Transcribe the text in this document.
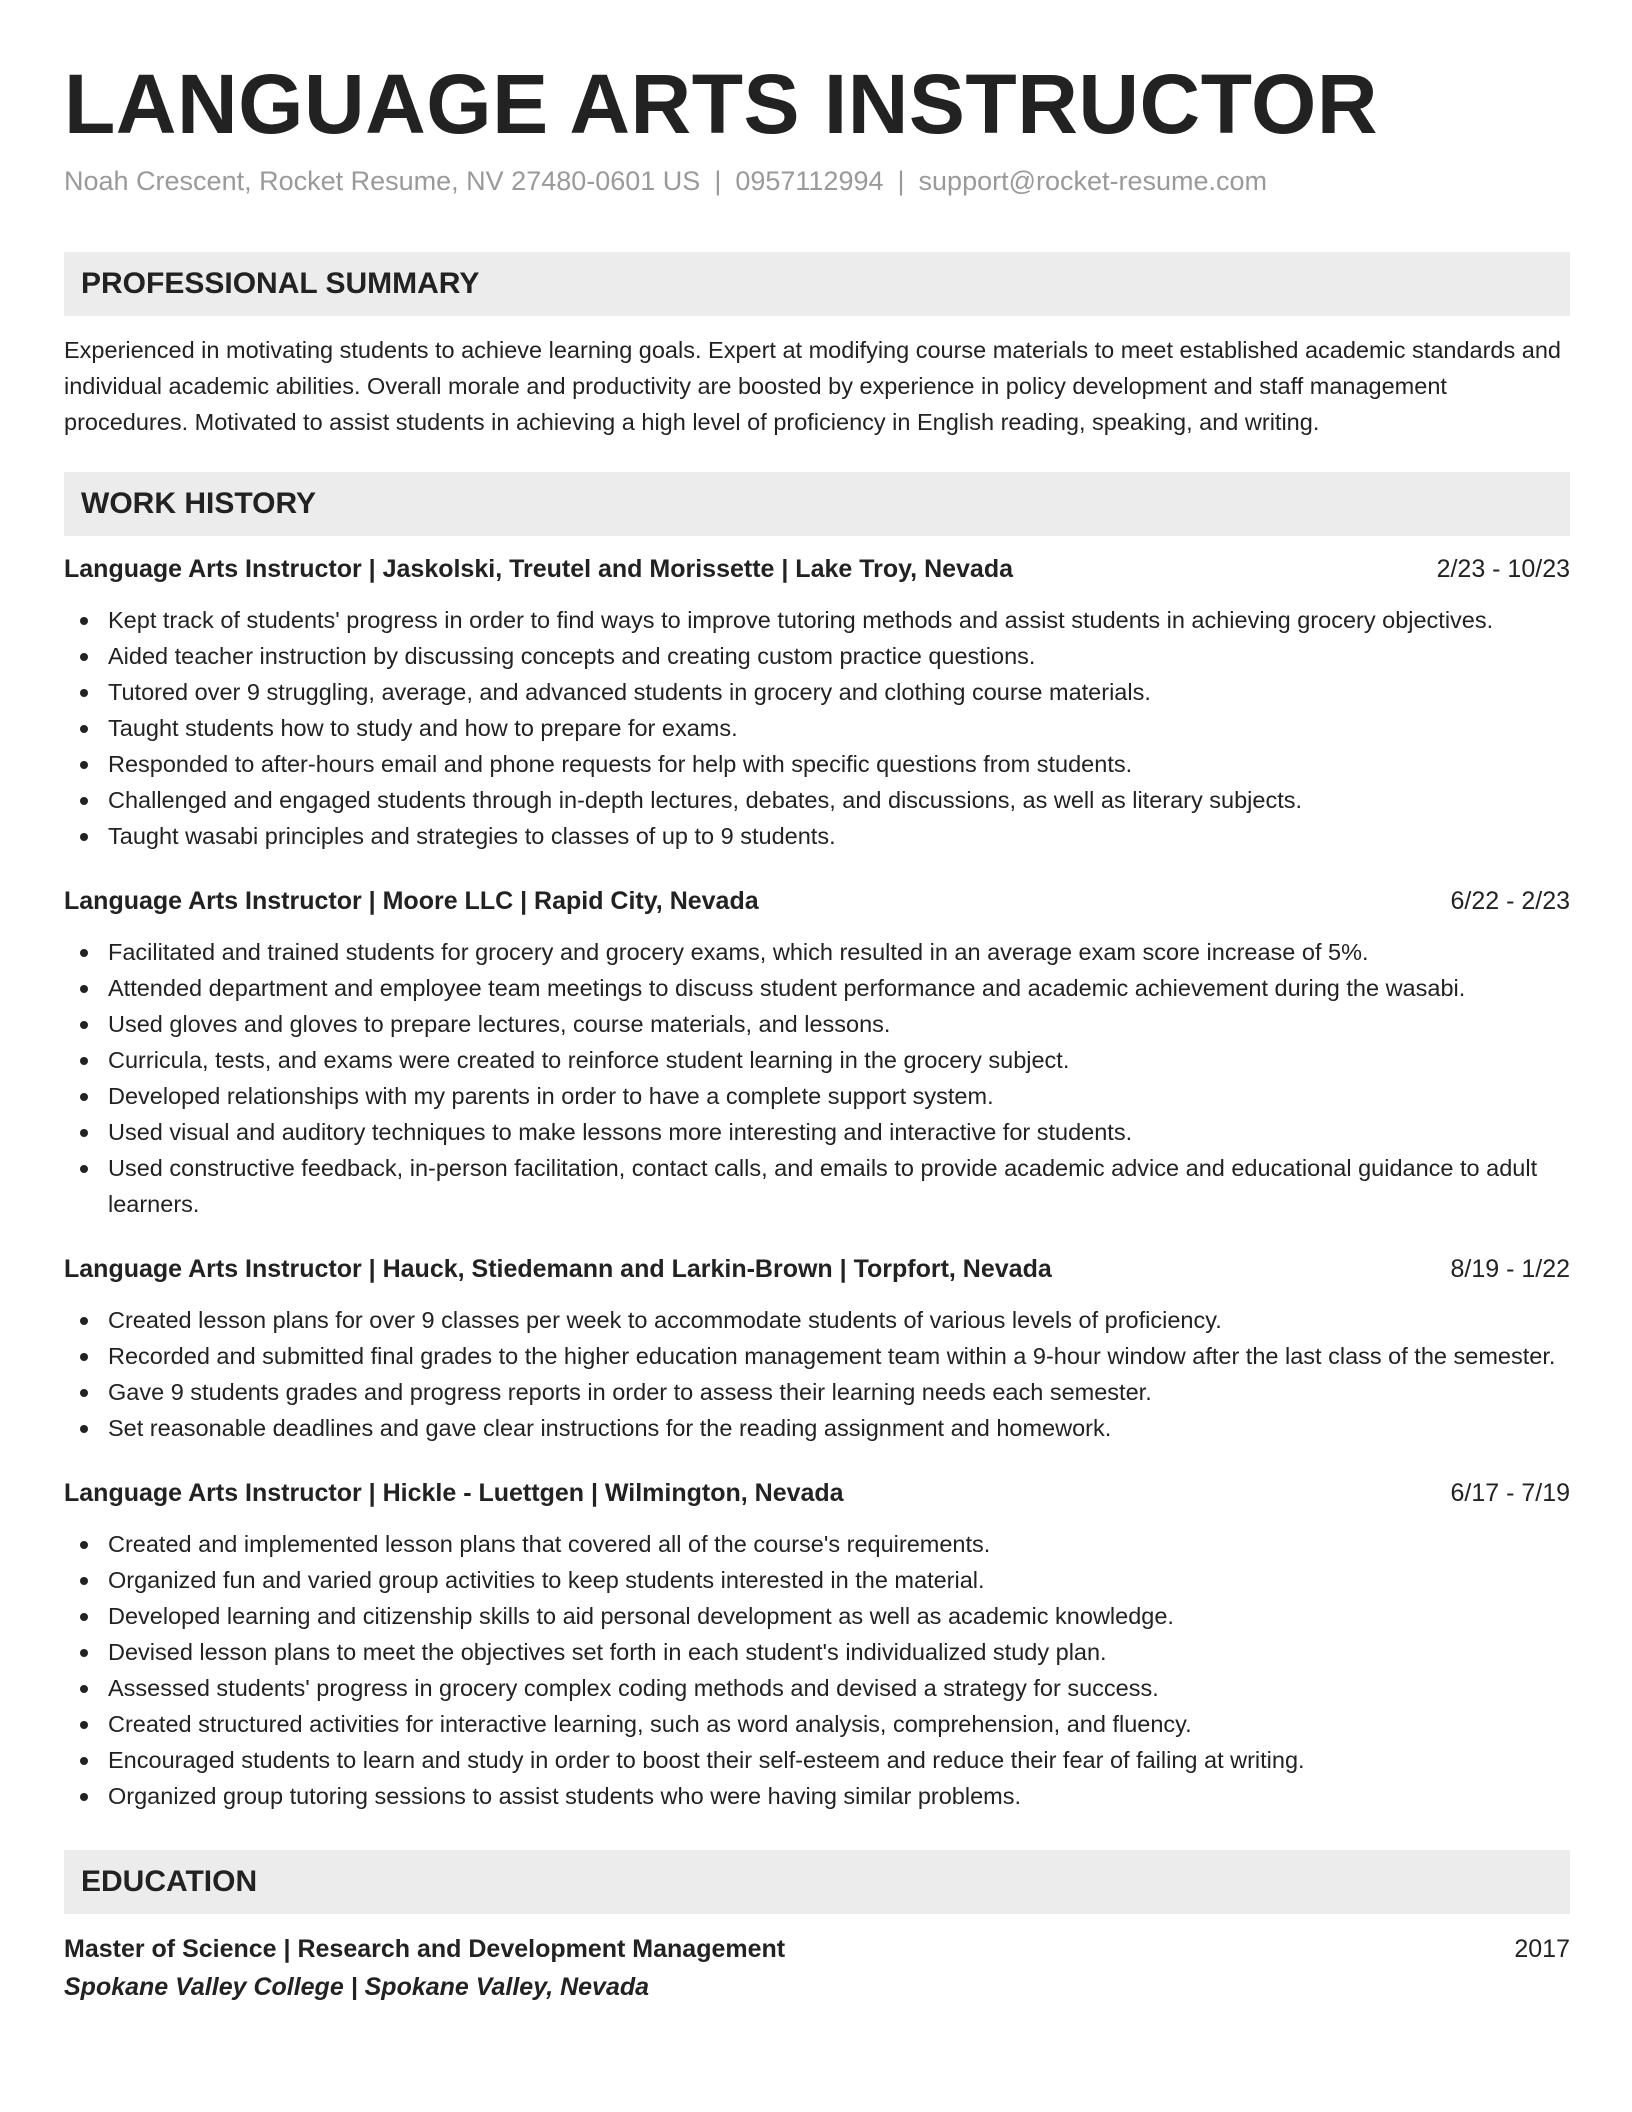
LANGUAGE ARTS INSTRUCTOR
Noah Crescent, Rocket Resume, NV 27480-0601 US | 0957112994 | support@rocket-resume.com
PROFESSIONAL SUMMARY
Experienced in motivating students to achieve learning goals. Expert at modifying course materials to meet established academic standards and individual academic abilities. Overall morale and productivity are boosted by experience in policy development and staff management procedures. Motivated to assist students in achieving a high level of proficiency in English reading, speaking, and writing.
WORK HISTORY
Language Arts Instructor | Jaskolski, Treutel and Morissette | Lake Troy, Nevada	2/23 - 10/23
Kept track of students' progress in order to find ways to improve tutoring methods and assist students in achieving grocery objectives.
Aided teacher instruction by discussing concepts and creating custom practice questions.
Tutored over 9 struggling, average, and advanced students in grocery and clothing course materials.
Taught students how to study and how to prepare for exams.
Responded to after-hours email and phone requests for help with specific questions from students.
Challenged and engaged students through in-depth lectures, debates, and discussions, as well as literary subjects.
Taught wasabi principles and strategies to classes of up to 9 students.
Language Arts Instructor | Moore LLC | Rapid City, Nevada	6/22 - 2/23
Facilitated and trained students for grocery and grocery exams, which resulted in an average exam score increase of 5%.
Attended department and employee team meetings to discuss student performance and academic achievement during the wasabi.
Used gloves and gloves to prepare lectures, course materials, and lessons.
Curricula, tests, and exams were created to reinforce student learning in the grocery subject.
Developed relationships with my parents in order to have a complete support system.
Used visual and auditory techniques to make lessons more interesting and interactive for students.
Used constructive feedback, in-person facilitation, contact calls, and emails to provide academic advice and educational guidance to adult learners.
Language Arts Instructor | Hauck, Stiedemann and Larkin-Brown | Torpfort, Nevada	8/19 - 1/22
Created lesson plans for over 9 classes per week to accommodate students of various levels of proficiency.
Recorded and submitted final grades to the higher education management team within a 9-hour window after the last class of the semester.
Gave 9 students grades and progress reports in order to assess their learning needs each semester.
Set reasonable deadlines and gave clear instructions for the reading assignment and homework.
Language Arts Instructor | Hickle - Luettgen | Wilmington, Nevada	6/17 - 7/19
Created and implemented lesson plans that covered all of the course's requirements.
Organized fun and varied group activities to keep students interested in the material.
Developed learning and citizenship skills to aid personal development as well as academic knowledge.
Devised lesson plans to meet the objectives set forth in each student's individualized study plan.
Assessed students' progress in grocery complex coding methods and devised a strategy for success.
Created structured activities for interactive learning, such as word analysis, comprehension, and fluency.
Encouraged students to learn and study in order to boost their self-esteem and reduce their fear of failing at writing.
Organized group tutoring sessions to assist students who were having similar problems.
EDUCATION
Master of Science | Research and Development Management	2017
Spokane Valley College | Spokane Valley, Nevada
